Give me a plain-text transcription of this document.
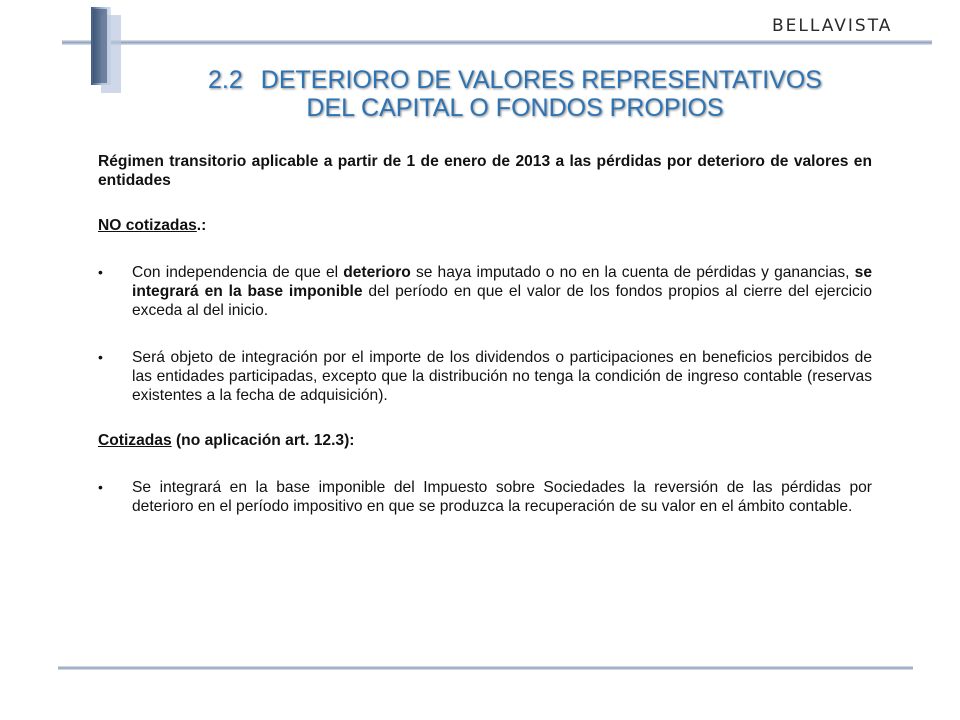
BELLAVISTA
2.2 DETERIORO DE VALORES REPRESENTATIVOS
DEL CAPITAL O FONDOS PROPIOS

Régimen transitorio aplicable a partir de 1 de enero de 2013 a las pérdidas por deterioro de valores en entidades

NO cotizadas.:

• Con independencia de que el deterioro se haya imputado o no en la cuenta de pérdidas y ganancias, se integrará en la base imponible del período en que el valor de los fondos propios al cierre del ejercicio exceda al del inicio.

• Será objeto de integración por el importe de los dividendos o participaciones en beneficios percibidos de las entidades participadas, excepto que la distribución no tenga la condición de ingreso contable (reservas existentes a la fecha de adquisición).

Cotizadas (no aplicación art. 12.3):

• Se integrará en la base imponible del Impuesto sobre Sociedades la reversión de las pérdidas por deterioro en el período impositivo en que se produzca la recuperación de su valor en el ámbito contable.
